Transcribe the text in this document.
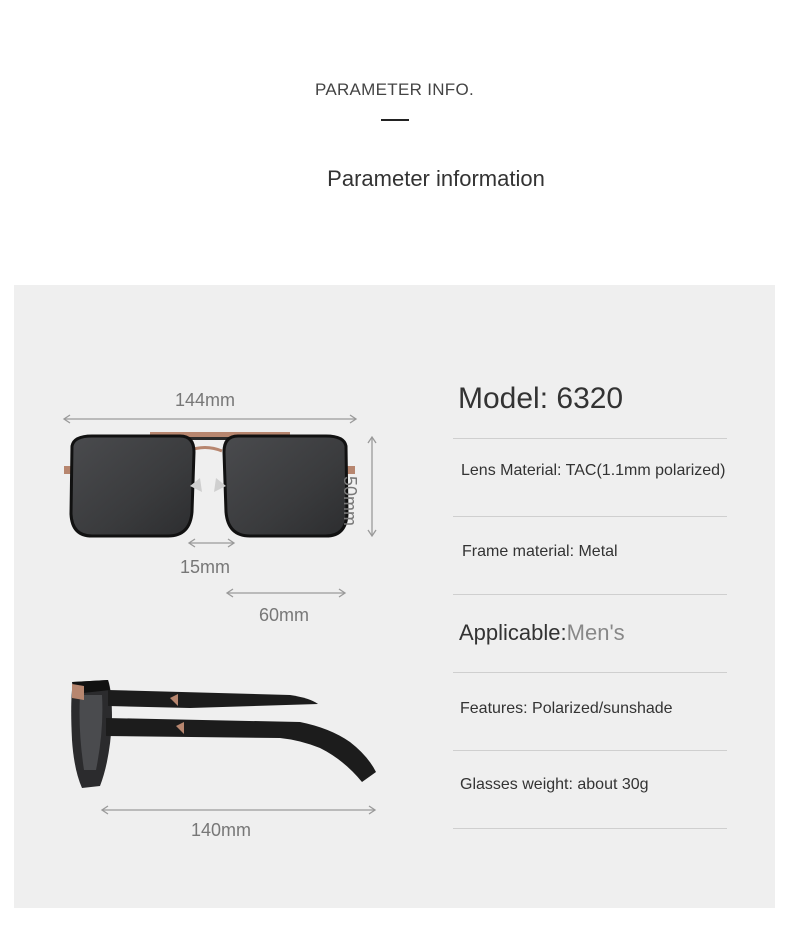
PARAMETER INFO.
Parameter information
144mm
50mm
15mm
60mm
140mm
Model: 6320
Lens Material: TAC(1.1mm polarized)
Frame material: Metal
Applicable:Men's
Features: Polarized/sunshade
Glasses weight: about 30g
